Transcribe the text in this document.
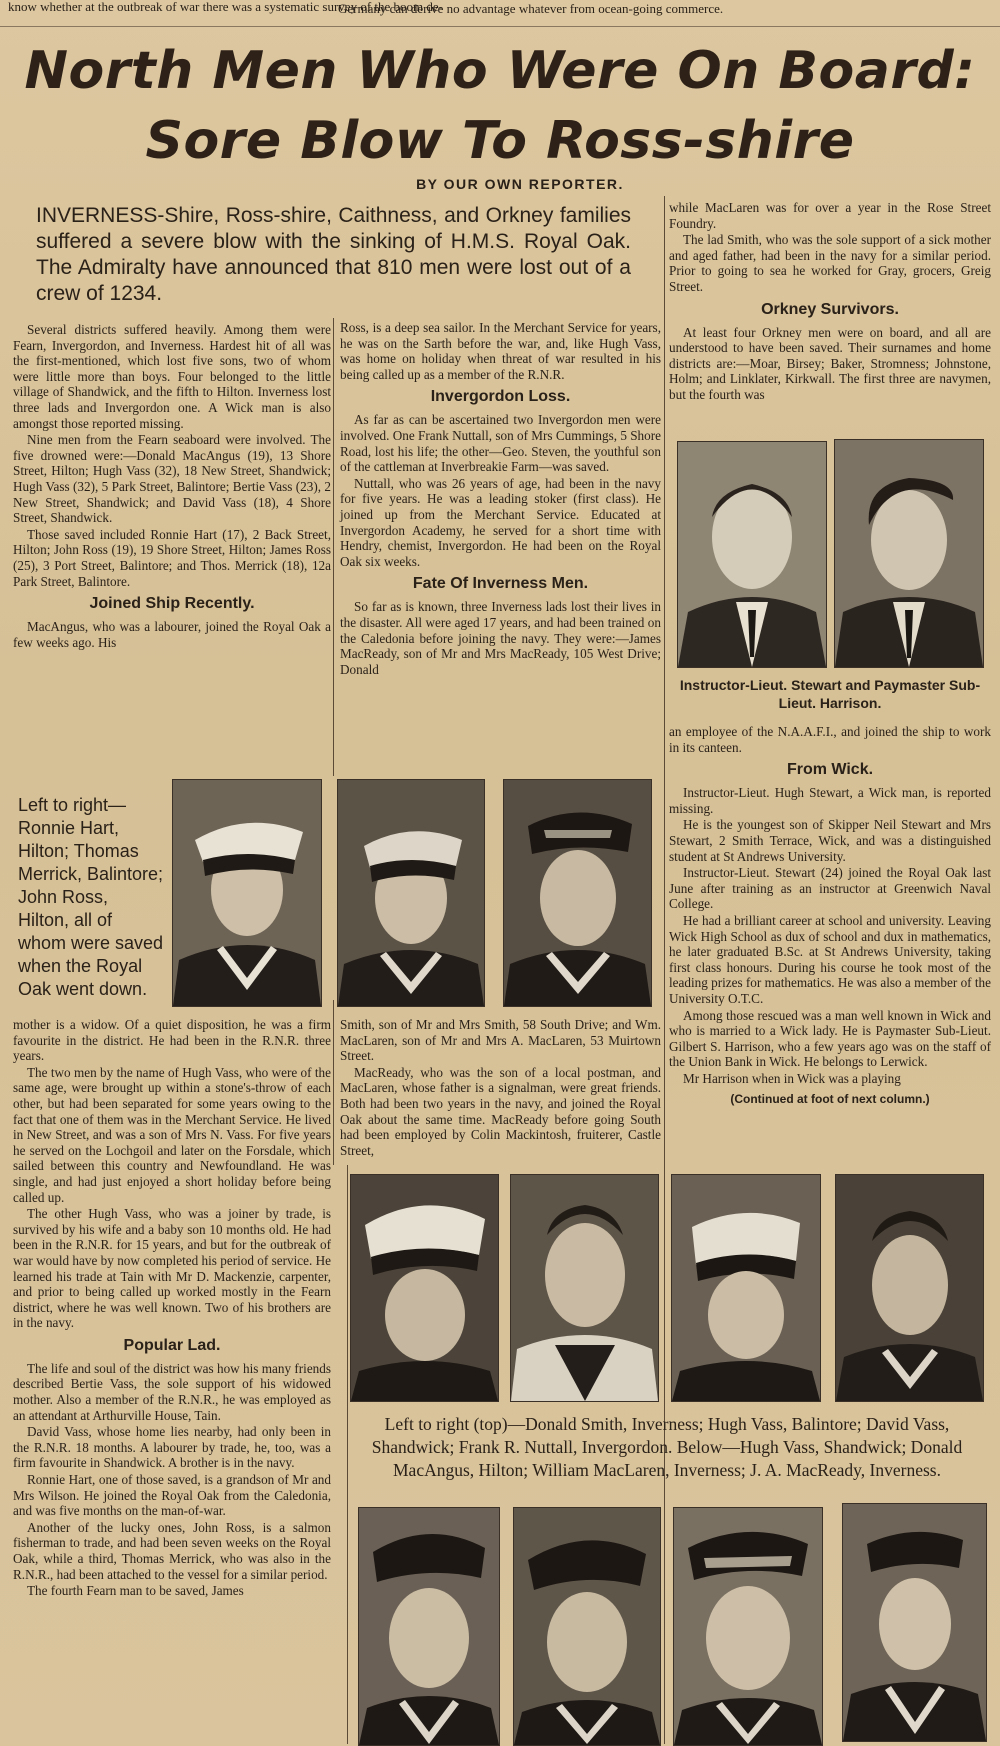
know whether at the outbreak of war there was a systematic survey of the boom de-
Germany can derive no advantage whatever from ocean-going commerce.
North Men Who Were On Board:
Sore Blow To Ross-shire
BY OUR OWN REPORTER.
INVERNESS-Shire, Ross-shire, Caithness, and Orkney families suffered a severe blow with the sinking of H.M.S. Royal Oak. The Admiralty have announced that 810 men were lost out of a crew of 1234.

Several districts suffered heavily. Among them were Fearn, Invergordon, and Inverness. Hardest hit of all was the first-mentioned, which lost five sons, two of whom were little more than boys. Four belonged to the little village of Shandwick, and the fifth to Hilton. Inverness lost three lads and Invergordon one. A Wick man is also amongst those reported missing.

Nine men from the Fearn seaboard were involved. The five drowned were:—Donald MacAngus (19), 13 Shore Street, Hilton; Hugh Vass (32), 18 New Street, Shandwick; Hugh Vass (32), 5 Park Street, Balintore; Bertie Vass (23), 2 New Street, Shandwick; and David Vass (18), 4 Shore Street, Shandwick.

Those saved included Ronnie Hart (17), 2 Back Street, Hilton; John Ross (19), 19 Shore Street, Hilton; James Ross (25), 3 Port Street, Balintore; and Thos. Merrick (18), 12a Park Street, Balintore.

Joined Ship Recently.

MacAngus, who was a labourer, joined the Royal Oak a few weeks ago. His

Ross, is a deep sea sailor. In the Merchant Service for years, he was on the Sarth before the war, and, like Hugh Vass, was home on holiday when threat of war resulted in his being called up as a member of the R.N.R.

Invergordon Loss.

As far as can be ascertained two Invergordon men were involved. One Frank Nuttall, son of Mrs Cummings, 5 Shore Road, lost his life; the other—Geo. Steven, the youthful son of the cattleman at Inverbreakie Farm—was saved.

Nuttall, who was 26 years of age, had been in the navy for five years. He was a leading stoker (first class). He joined up from the Merchant Service. Educated at Invergordon Academy, he served for a short time with Hendry, chemist, Invergordon. He had been on the Royal Oak six weeks.

Fate Of Inverness Men.

So far as is known, three Inverness lads lost their lives in the disaster. All were aged 17 years, and had been trained on the Caledonia before joining the navy. They were:—James MacReady, son of Mr and Mrs MacReady, 105 West Drive; Donald

while MacLaren was for over a year in the Rose Street Foundry.

The lad Smith, who was the sole support of a sick mother and aged father, had been in the navy for a similar period. Prior to going to sea he worked for Gray, grocers, Greig Street.

Orkney Survivors.

At least four Orkney men were on board, and all are understood to have been saved. Their surnames and home districts are:—Moar, Birsey; Baker, Stromness; Johnstone, Holm; and Linklater, Kirkwall. The first three are navymen, but the fourth was

Instructor-Lieut. Stewart and Paymaster Sub-Lieut. Harrison.

an employee of the N.A.A.F.I., and joined the ship to work in its canteen.

From Wick.

Instructor-Lieut. Hugh Stewart, a Wick man, is reported missing.

He is the youngest son of Skipper Neil Stewart and Mrs Stewart, 2 Smith Terrace, Wick, and was a distinguished student at St Andrews University.

Instructor-Lieut. Stewart (24) joined the Royal Oak last June after training as an instructor at Greenwich Naval College.

He had a brilliant career at school and university. Leaving Wick High School as dux of school and dux in mathematics, he later graduated B.Sc. at St Andrews University, taking first class honours. During his course he took most of the leading prizes for mathematics. He was also a member of the University O.T.C.

Among those rescued was a man well known in Wick and who is married to a Wick lady. He is Paymaster Sub-Lieut. Gilbert S. Harrison, who a few years ago was on the staff of the Union Bank in Wick. He belongs to Lerwick.

Mr Harrison when in Wick was a playing

(Continued at foot of next column.)
Left to right—Ronnie Hart, Hilton; Thomas Merrick, Balintore; John Ross, Hilton, all of whom were saved when the Royal Oak went down.

mother is a widow. Of a quiet disposition, he was a firm favourite in the district. He had been in the R.N.R. three years.

The two men by the name of Hugh Vass, who were of the same age, were brought up within a stone's-throw of each other, but had been separated for some years owing to the fact that one of them was in the Merchant Service. He lived in New Street, and was a son of Mrs N. Vass. For five years he served on the Lochgoil and later on the Forsdale, which sailed between this country and Newfoundland. He was single, and had just enjoyed a short holiday before being called up.

The other Hugh Vass, who was a joiner by trade, is survived by his wife and a baby son 10 months old. He had been in the R.N.R. for 15 years, and but for the outbreak of war would have by now completed his period of service. He learned his trade at Tain with Mr D. Mackenzie, carpenter, and prior to being called up worked mostly in the Fearn district, where he was well known. Two of his brothers are in the navy.

Popular Lad.

The life and soul of the district was how his many friends described Bertie Vass, the sole support of his widowed mother. Also a member of the R.N.R., he was employed as an attendant at Arthurville House, Tain.

David Vass, whose home lies nearby, had only been in the R.N.R. 18 months. A labourer by trade, he, too, was a firm favourite in Shandwick. A brother is in the navy.

Ronnie Hart, one of those saved, is a grandson of Mr and Mrs Wilson. He joined the Royal Oak from the Caledonia, and was five months on the man-of-war.

Another of the lucky ones, John Ross, is a salmon fisherman to trade, and had been seven weeks on the Royal Oak, while a third, Thomas Merrick, who was also in the R.N.R., had been attached to the vessel for a similar period.

The fourth Fearn man to be saved, James

Smith, son of Mr and Mrs Smith, 58 South Drive; and Wm. MacLaren, son of Mr and Mrs A. MacLaren, 53 Muirtown Street.

MacReady, who was the son of a local postman, and MacLaren, whose father is a signalman, were great friends. Both had been two years in the navy, and joined the Royal Oak about the same time. MacReady before going South had been employed by Colin Mackintosh, fruiterer, Castle Street,

Left to right (top)—Donald Smith, Inverness; Hugh Vass, Balintore; David Vass, Shandwick; Frank R. Nuttall, Invergordon. Below—Hugh Vass, Shandwick; Donald MacAngus, Hilton; William MacLaren, Inverness; J. A. MacReady, Inverness.
